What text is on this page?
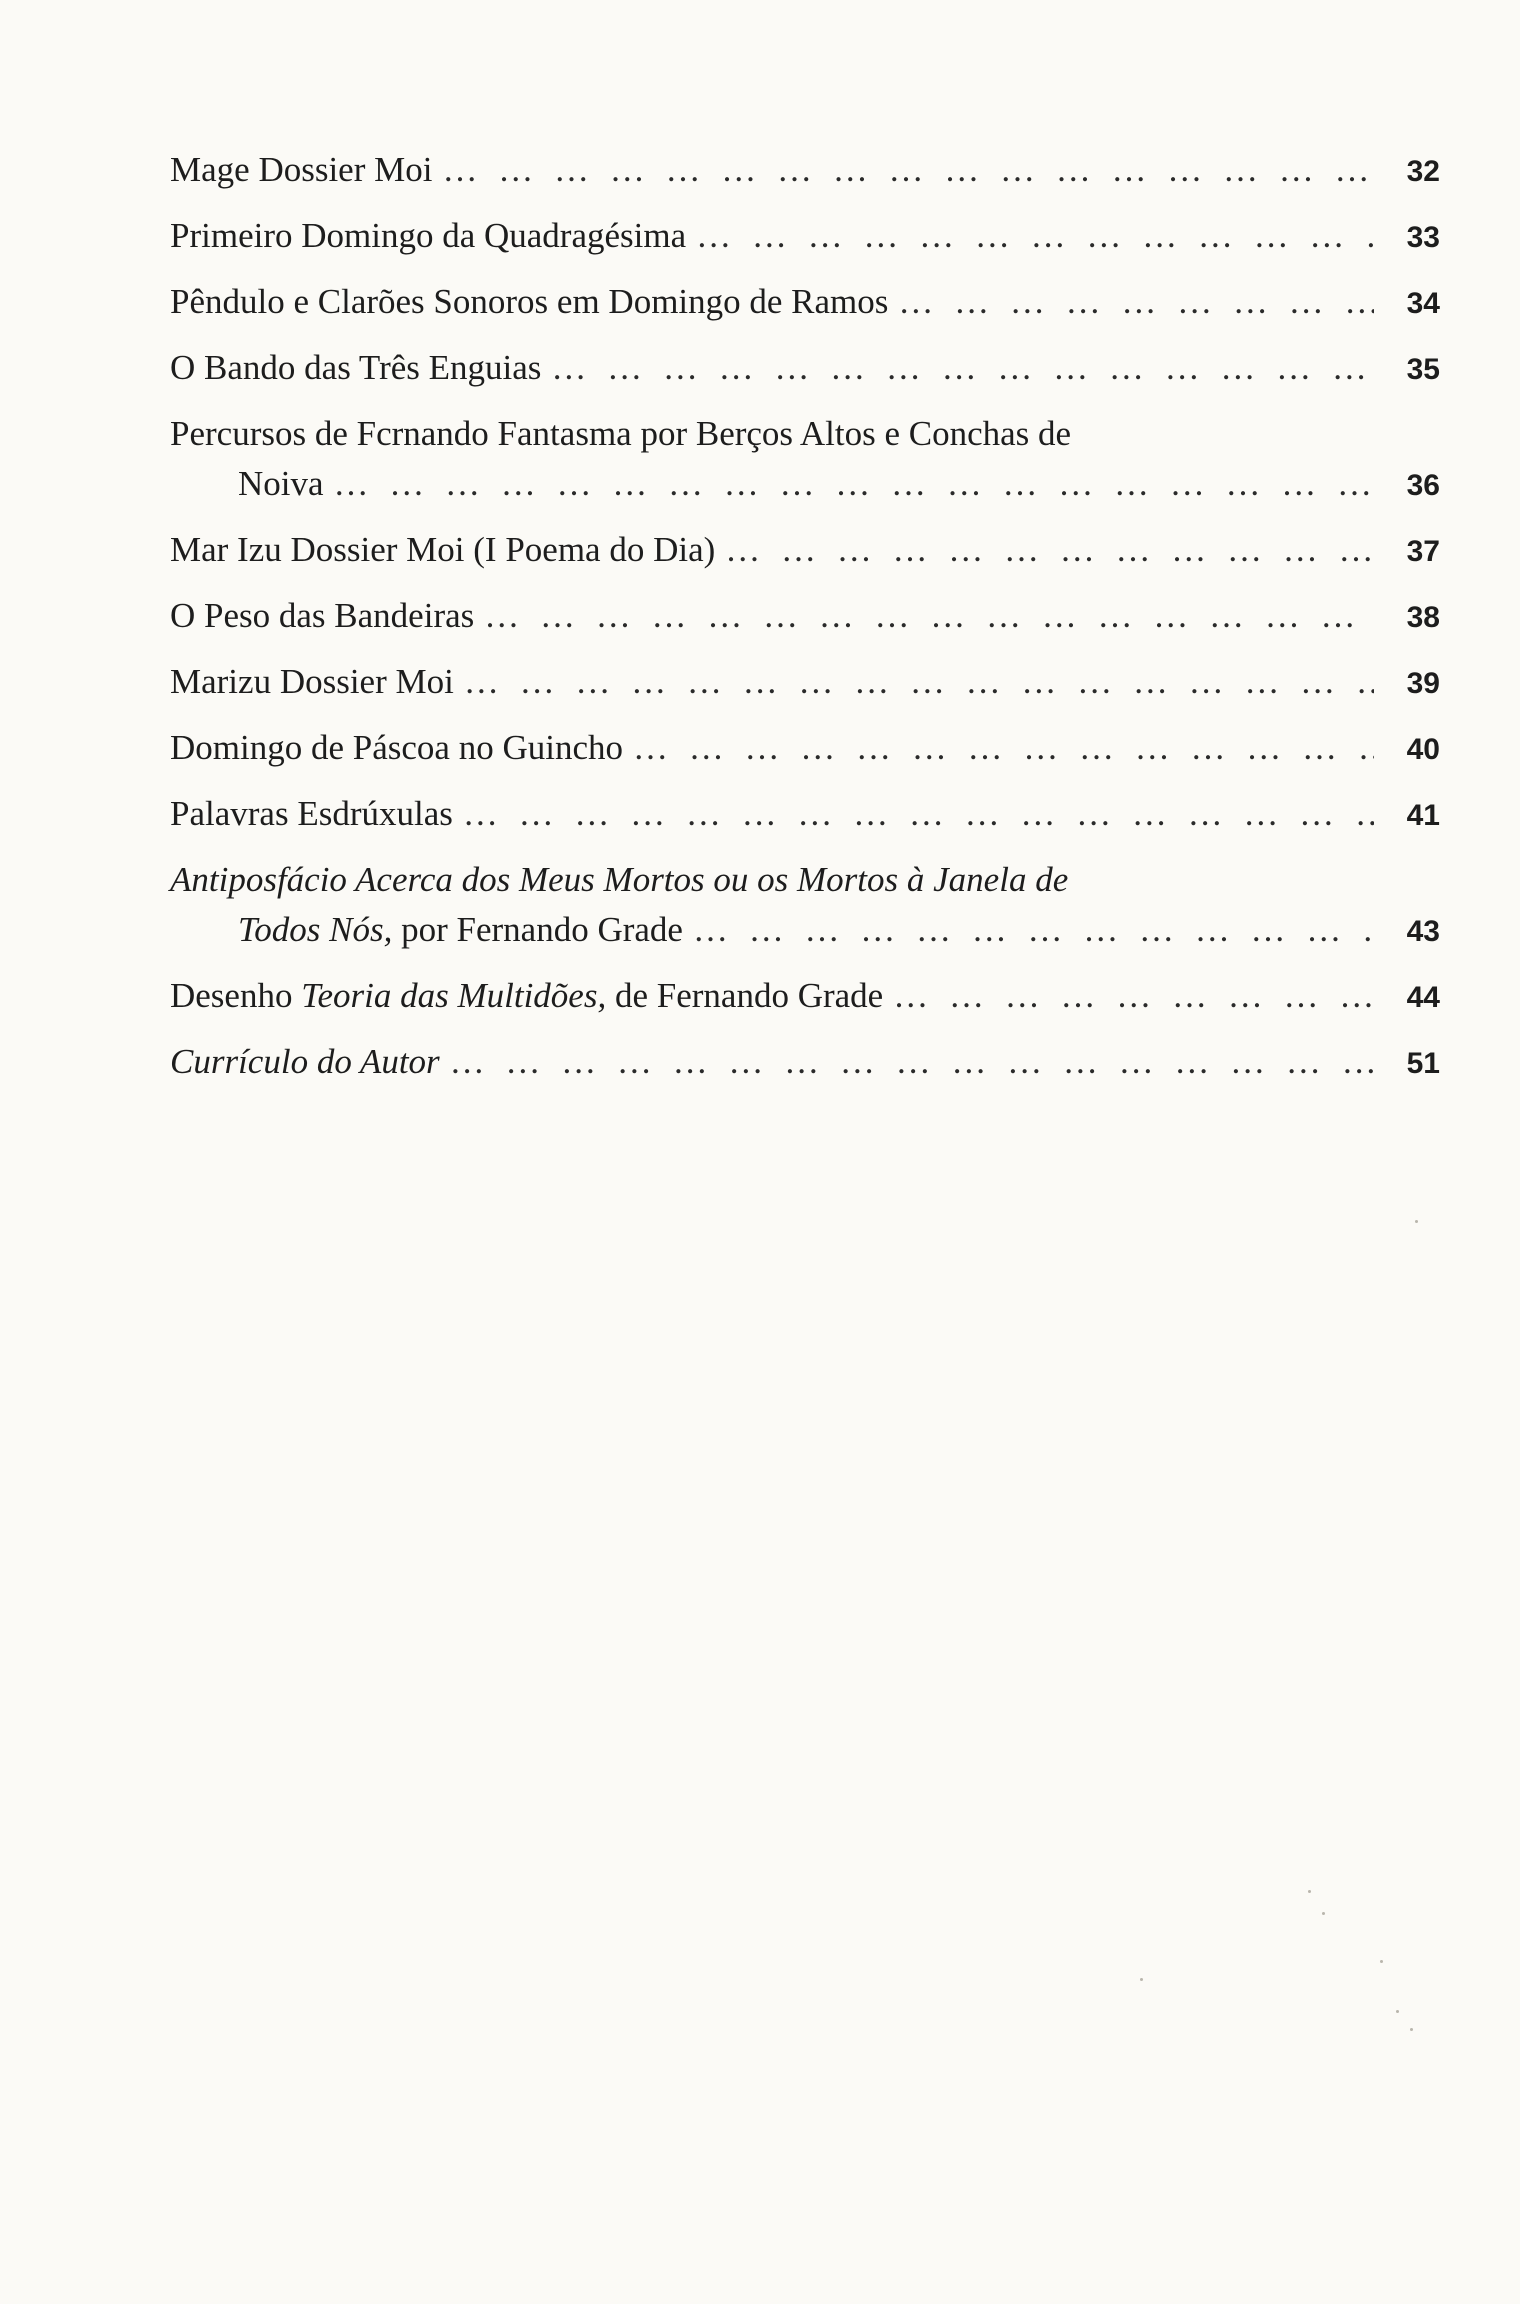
Mage Dossier Moi … … … … … … … … … … … … … … … … … … … … … … … … … … … … … … … … … … … … … … … …	32
Primeiro Domingo da Quadragésima … … … … … … … … … … … … … … … … … … … … … … … … … … … … … … … … … … … … … … … …	33
Pêndulo e Clarões Sonoros em Domingo de Ramos … … … … … … … … … … … … … … … … … … … … … … … … … … … … … … … … … … … … … … … …	34
O Bando das Três Enguias … … … … … … … … … … … … … … … … … … … … … … … … … … … … … … … … … … … … … … … …	35
Percursos de Fcrnando Fantasma por Berços Altos e Conchas de
Noiva … … … … … … … … … … … … … … … … … … … … … … … … … … … … … … … … … … … … … … … …	36
Mar Izu Dossier Moi (I Poema do Dia) … … … … … … … … … … … … … … … … … … … … … … … … … … … … … … … … … … … … … … … …	37
O Peso das Bandeiras … … … … … … … … … … … … … … … … … … … … … … … … … … … … … … … … … … … … … … … …	38
Marizu Dossier Moi … … … … … … … … … … … … … … … … … … … … … … … … … … … … … … … … … … … … … … … …	39
Domingo de Páscoa no Guincho … … … … … … … … … … … … … … … … … … … … … … … … … … … … … … … … … … … … … … … …	40
Palavras Esdrúxulas … … … … … … … … … … … … … … … … … … … … … … … … … … … … … … … … … … … … … … … …	41
Antiposfácio Acerca dos Meus Mortos ou os Mortos à Janela de
Todos Nós, por Fernando Grade … … … … … … … … … … … … … … … … … … … … … … … … … … … … … … … … … … … … … … … …	43
Desenho Teoria das Multidões, de Fernando Grade … … … … … … … … … … … … … … … … … … … … … … … … … … … … … … … … … … … … … … … …	44
Currículo do Autor … … … … … … … … … … … … … … … … … … … … … … … … … … … … … … … … … … … … … … … …	51
